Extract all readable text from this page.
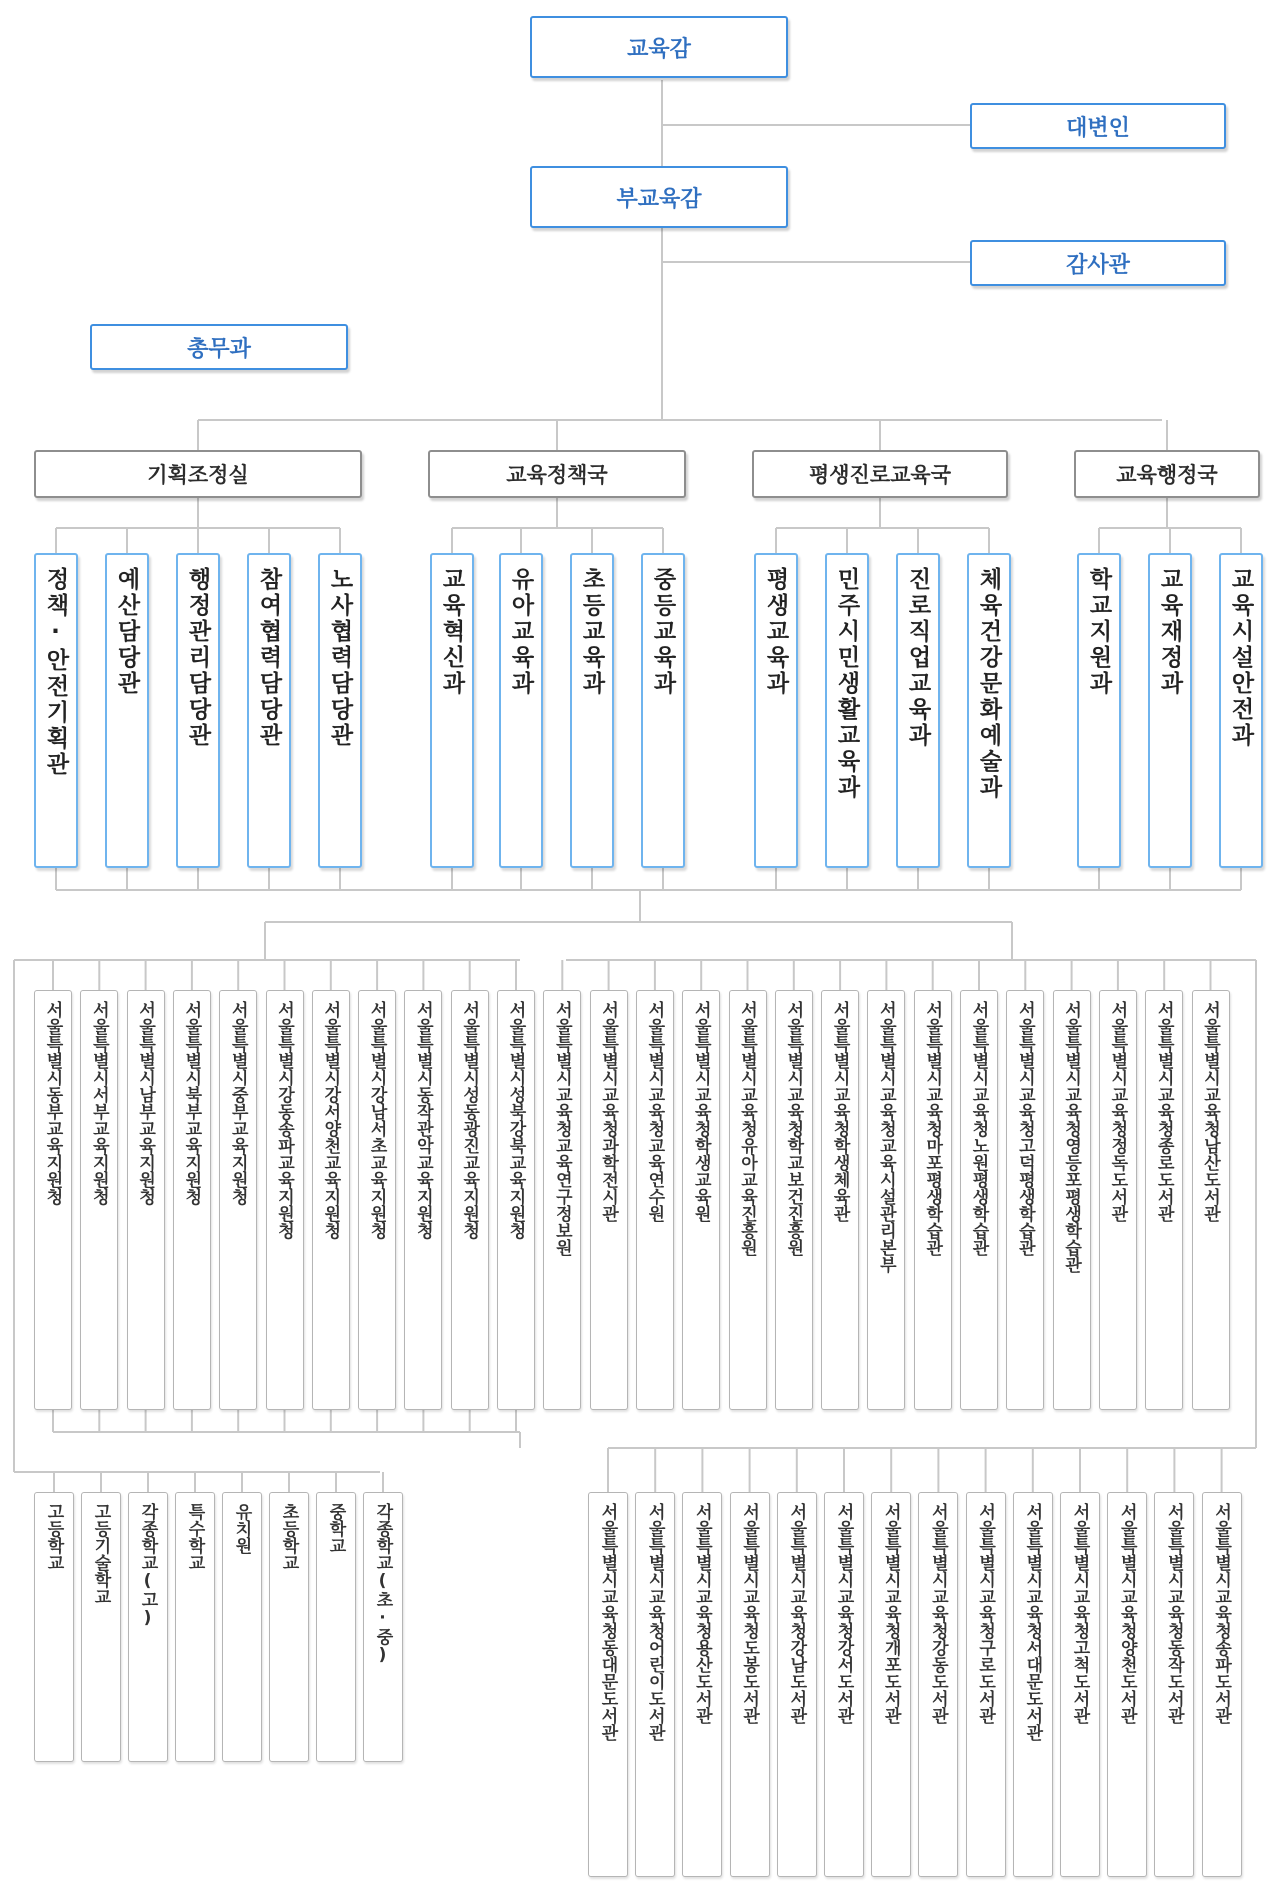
교육감
대변인
부교육감
감사관
총무과
기획조정실
정책·안전기획관 예산담당관 행정관리담당관 참여협력담당관 노사협력담당관
교육정책국
교육혁신과 유아교육과 초등교육과 중등교육과
평생진로교육국
평생교육과 민주시민생활교육과 진로직업교육과 체육건강문화예술과
교육행정국
학교지원과 교육재정과 교육시설안전과
서울특별시동부교육지원청 서울특별시서부교육지원청 서울특별시남부교육지원청 서울특별시북부교육지원청 서울특별시중부교육지원청 서울특별시강동송파교육지원청 서울특별시강서양천교육지원청 서울특별시강남서초교육지원청 서울특별시동작관악교육지원청 서울특별시성동광진교육지원청 서울특별시성북강북교육지원청 서울특별시교육청교육연구정보원 서울특별시교육청과학전시관 서울특별시교육청교육연수원 서울특별시교육청학생교육원 서울특별시교육청유아교육진흥원 서울특별시교육청학교보건진흥원 서울특별시교육청학생체육관 서울특별시교육청교육시설관리본부 서울특별시교육청마포평생학습관 서울특별시교육청노원평생학습관 서울특별시교육청고덕평생학습관 서울특별시교육청영등포평생학습관 서울특별시교육청정독도서관 서울특별시교육청종로도서관 서울특별시교육청남산도서관
고등학교 고등기술학교 각종학교(고) 특수학교 유치원 초등학교 중학교 각종학교(초·중)	서울특별시교육청동대문도서관 서울특별시교육청어린이도서관 서울특별시교육청용산도서관 서울특별시교육청도봉도서관 서울특별시교육청강남도서관 서울특별시교육청강서도서관 서울특별시교육청개포도서관 서울특별시교육청강동도서관 서울특별시교육청구로도서관 서울특별시교육청서대문도서관 서울특별시교육청고척도서관 서울특별시교육청양천도서관 서울특별시교육청동작도서관 서울특별시교육청송파도서관
